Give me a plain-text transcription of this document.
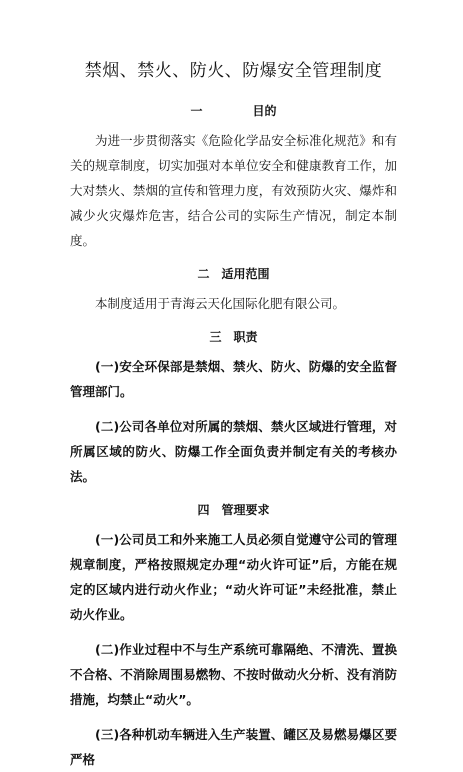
禁烟、禁火、防火、防爆安全管理制度
一	目的

为进一步贯彻落实《危险化学品安全标准化规范》和有关的规章制度，切实加强对本单位安全和健康教育工作，加大对禁火、禁烟的宣传和管理力度，有效预防火灾、爆炸和减少火灾爆炸危害，结合公司的实际生产情况，制定本制度。

二 适用范围

本制度适用于青海云天化国际化肥有限公司。

三 职责

(一)安全环保部是禁烟、禁火、防火、防爆的安全监督管理部门。

(二)公司各单位对所属的禁烟、禁火区域进行管理，对所属区域的防火、防爆工作全面负责并制定有关的考核办法。

四 管理要求

(一)公司员工和外来施工人员必须自觉遵守公司的管理规章制度，严格按照规定办理“动火许可证”后，方能在规定的区域内进行动火作业；“动火许可证”未经批准，禁止动火作业。

(二)作业过程中不与生产系统可靠隔绝、不清洗、置换不合格、不消除周围易燃物、不按时做动火分析、没有消防措施，均禁止“动火”。

(三)各种机动车辆进入生产装置、罐区及易燃易爆区要严格
